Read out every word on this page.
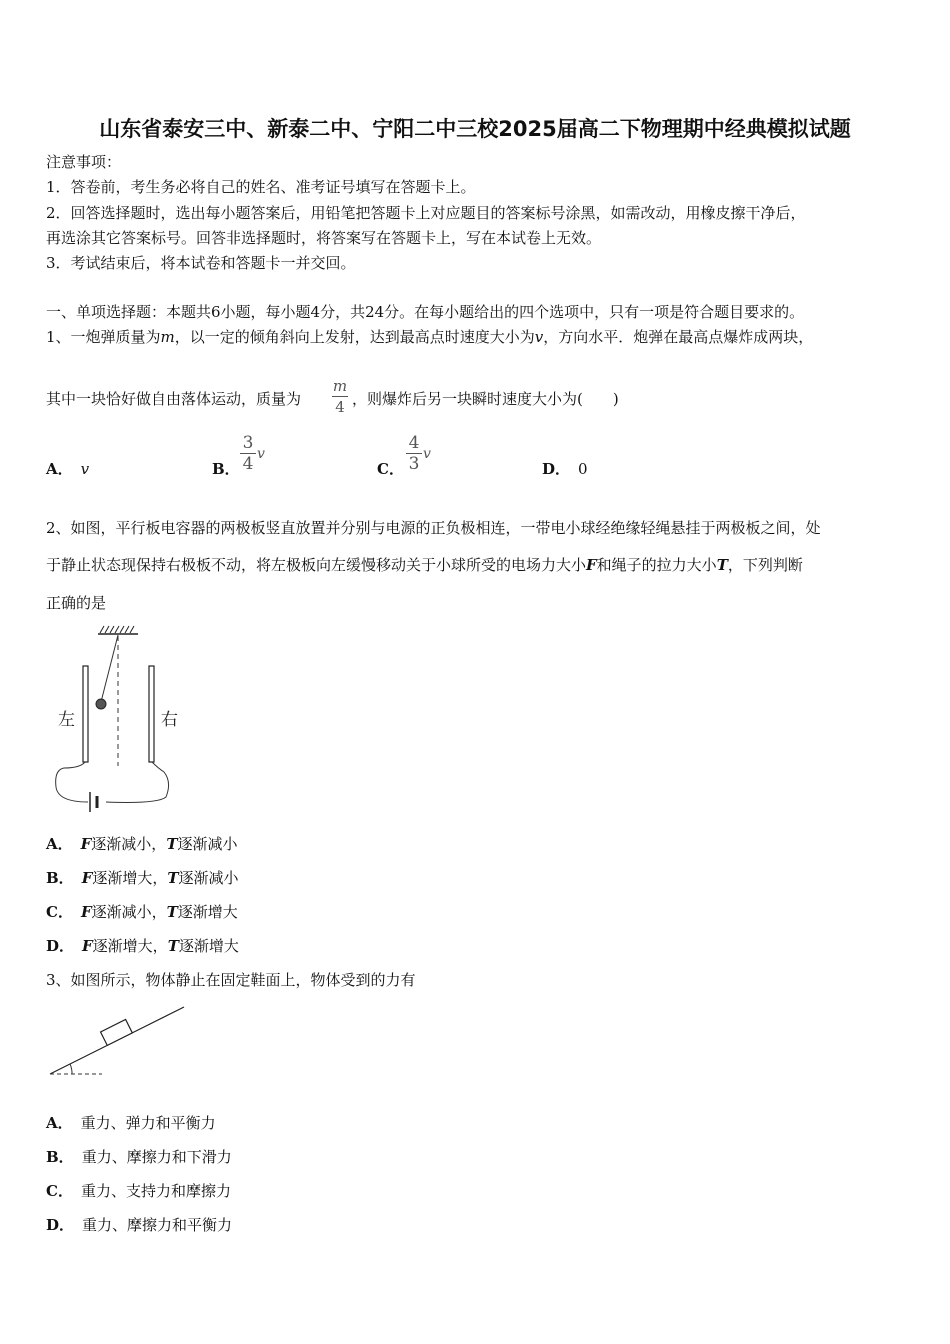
山东省泰安三中、新泰二中、宁阳二中三校2025届高二下物理期中经典模拟试题
注意事项：
1．答卷前，考生务必将自己的姓名、准考证号填写在答题卡上。
2．回答选择题时，选出每小题答案后，用铅笔把答题卡上对应题目的答案标号涂黑，如需改动，用橡皮擦干净后，
再选涂其它答案标号。回答非选择题时，将答案写在答题卡上，写在本试卷上无效。
3．考试结束后，将本试卷和答题卡一并交回。
一、单项选择题：本题共6小题，每小题4分，共24分。在每小题给出的四个选项中，只有一项是符合题目要求的。
1、一炮弹质量为m，以一定的倾角斜向上发射，达到最高点时速度大小为v，方向水平．炮弹在最高点爆炸成两块，
其中一块恰好做自由落体运动，质量为
m
4 ，则爆炸后另一块瞬时速度大小为(　　)
A． v	B．
3
4 v
C．
4
3 v
D． 0
2、如图，平行板电容器的两极板竖直放置并分别与电源的正负极相连，一带电小球经绝缘轻绳悬挂于两极板之间，处
于静止状态现保持右极板不动，将左极板向左缓慢移动关于小球所受的电场力大小F和绳子的拉力大小T，下列判断
正确的是
左	右
A． F逐渐减小，T逐渐减小
B． F逐渐增大，T逐渐减小
C． F逐渐减小，T逐渐增大
D． F逐渐增大，T逐渐增大
3、如图所示，物体静止在固定鞋面上，物体受到的力有
A． 重力、弹力和平衡力
B． 重力、摩擦力和下滑力
C． 重力、支持力和摩擦力
D． 重力、摩擦力和平衡力
